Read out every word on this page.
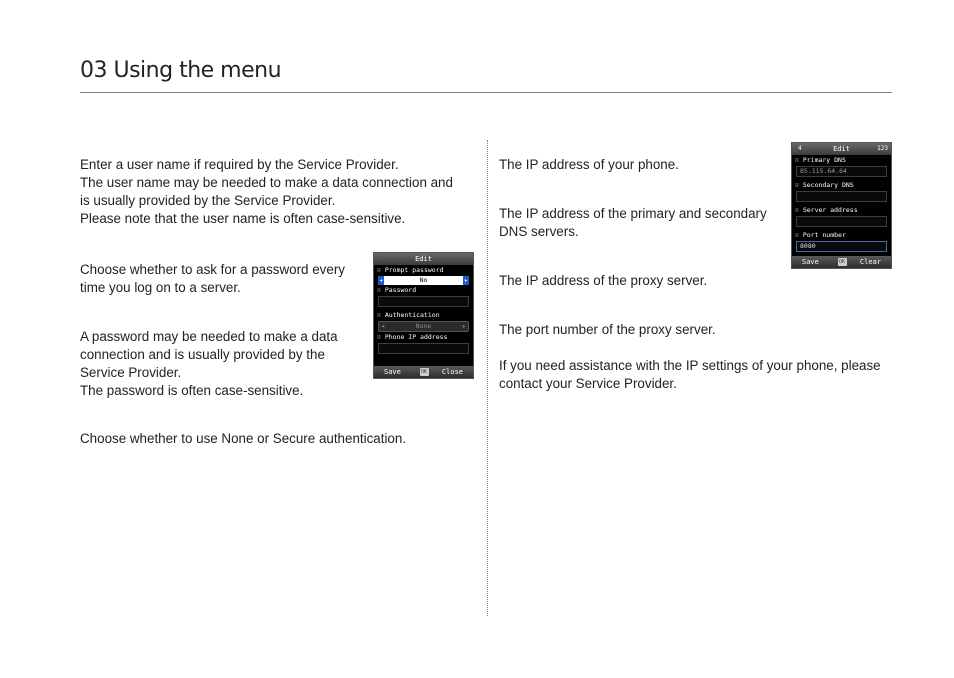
03 Using the menu
Enter a user name if required by the Service Provider.
The user name may be needed to make a data connection and
is usually provided by the Service Provider.
Please note that the user name is often case-sensitive.
Choose whether to ask for a password every
time you log on to a server.
A password may be needed to make a data
connection and is usually provided by the
Service Provider.
The password is often case-sensitive.
Choose whether to use None or Secure authentication.
Edit
∷ Prompt password
◂	No	▸
∷ Password
∷ Authentication
◂	None	▸
∷ Phone IP address
Save	OK Close
The IP address of your phone.
The IP address of the primary and secondary
DNS servers.
The IP address of the proxy server.
The port number of the proxy server.
If you need assistance with the IP settings of your phone, please
contact your Service Provider.
4	Edit	123
∷ Primary DNS
85.115.64.64
∷ Secondary DNS
∷ Server address
∷ Port number
8080
Save	OK Clear
